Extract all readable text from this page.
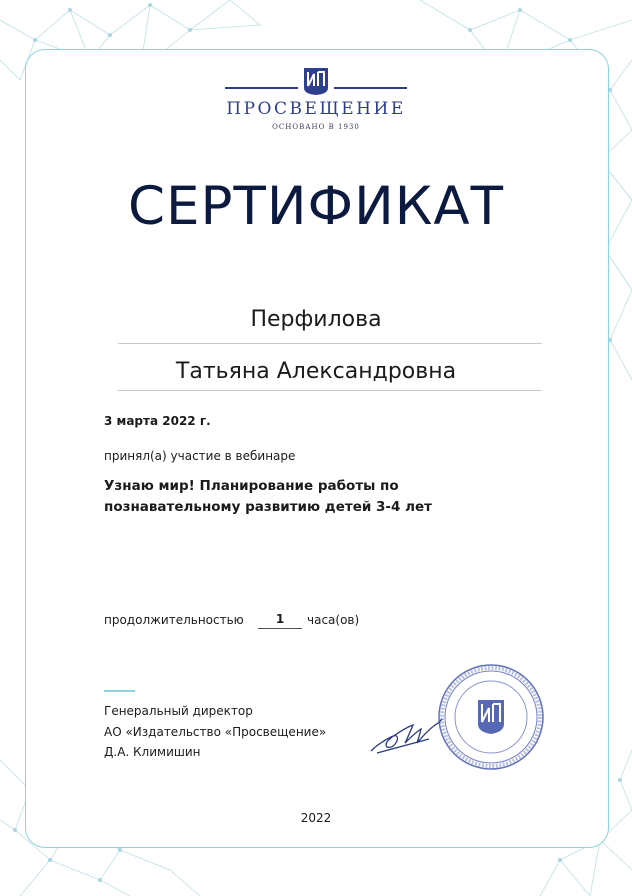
ПРОСВЕЩЕНИЕ
ОСНОВАНО В 1930
СЕРТИФИКАТ
Перфилова
Татьяна Александровна
3 марта 2022 г.
принял(а) участие в вебинаре
Узнаю мир! Планирование работы по
познавательному развитию детей 3-4 лет
продолжительностью	1	часа(ов)
Генеральный директор
АО «Издательство «Просвещение»
Д.А. Климишин
2022
